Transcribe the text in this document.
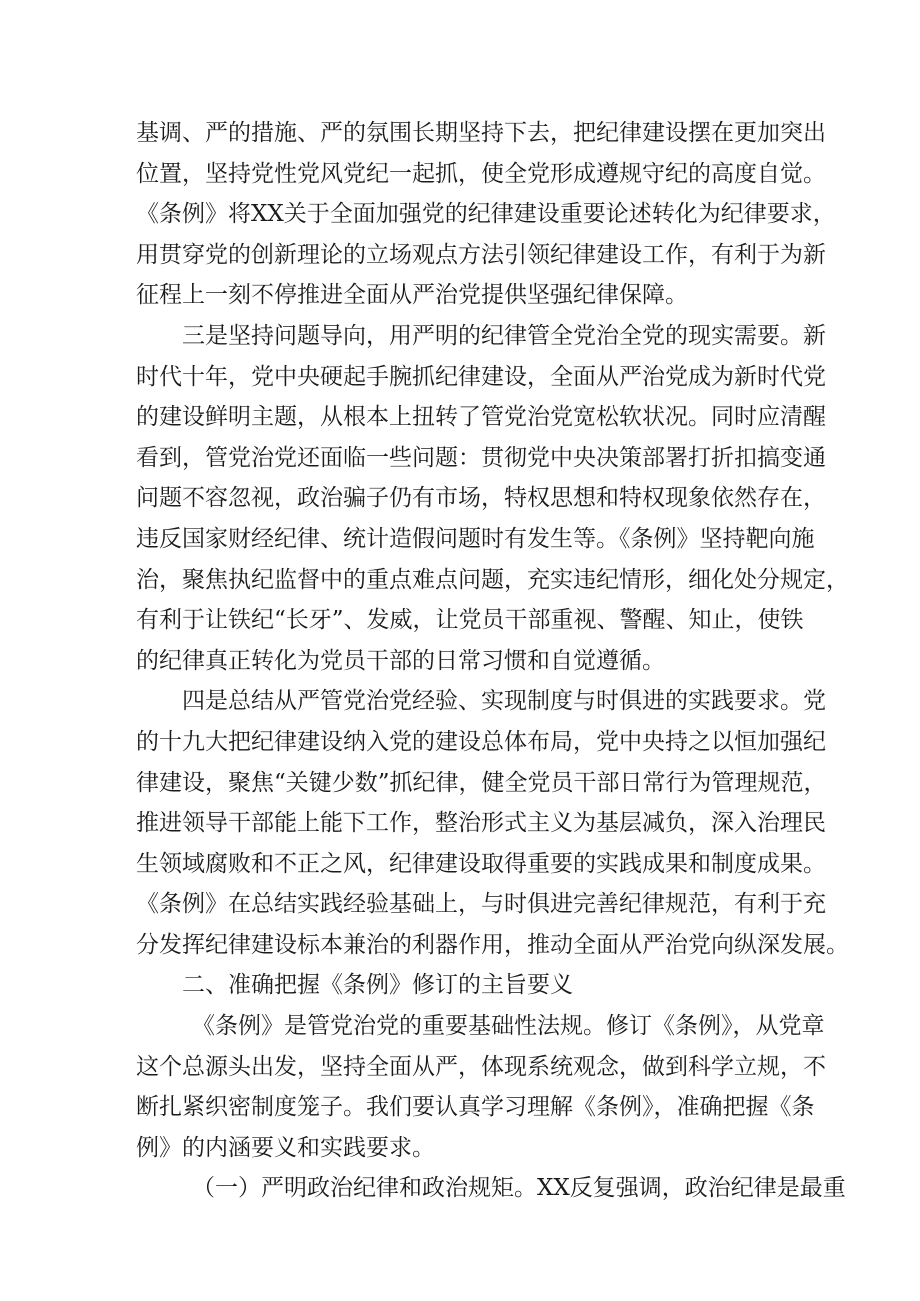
基调、严的措施、严的氛围长期坚持下去，把纪律建设摆在更加突出
位置，坚持党性党风党纪一起抓，使全党形成遵规守纪的高度自觉。
《条例》将XX关于全面加强党的纪律建设重要论述转化为纪律要求，
用贯穿党的创新理论的立场观点方法引领纪律建设工作，有利于为新
征程上一刻不停推进全面从严治党提供坚强纪律保障。
三是坚持问题导向，用严明的纪律管全党治全党的现实需要。新
时代十年，党中央硬起手腕抓纪律建设，全面从严治党成为新时代党
的建设鲜明主题，从根本上扭转了管党治党宽松软状况。同时应清醒
看到，管党治党还面临一些问题：贯彻党中央决策部署打折扣搞变通
问题不容忽视，政治骗子仍有市场，特权思想和特权现象依然存在，
违反国家财经纪律、统计造假问题时有发生等。《条例》坚持靶向施
治，聚焦执纪监督中的重点难点问题，充实违纪情形，细化处分规定，
有利于让铁纪“长牙”、发威，让党员干部重视、警醒、知止，使铁
的纪律真正转化为党员干部的日常习惯和自觉遵循。
四是总结从严管党治党经验、实现制度与时俱进的实践要求。党
的十九大把纪律建设纳入党的建设总体布局，党中央持之以恒加强纪
律建设，聚焦“关键少数”抓纪律，健全党员干部日常行为管理规范，
推进领导干部能上能下工作，整治形式主义为基层减负，深入治理民
生领域腐败和不正之风，纪律建设取得重要的实践成果和制度成果。
《条例》在总结实践经验基础上，与时俱进完善纪律规范，有利于充
分发挥纪律建设标本兼治的利器作用，推动全面从严治党向纵深发展。
二、准确把握《条例》修订的主旨要义
《条例》是管党治党的重要基础性法规。修订《条例》，从党章
这个总源头出发，坚持全面从严，体现系统观念，做到科学立规，不
断扎紧织密制度笼子。我们要认真学习理解《条例》，准确把握《条
例》的内涵要义和实践要求。
（一）严明政治纪律和政治规矩。XX反复强调，政治纪律是最重
